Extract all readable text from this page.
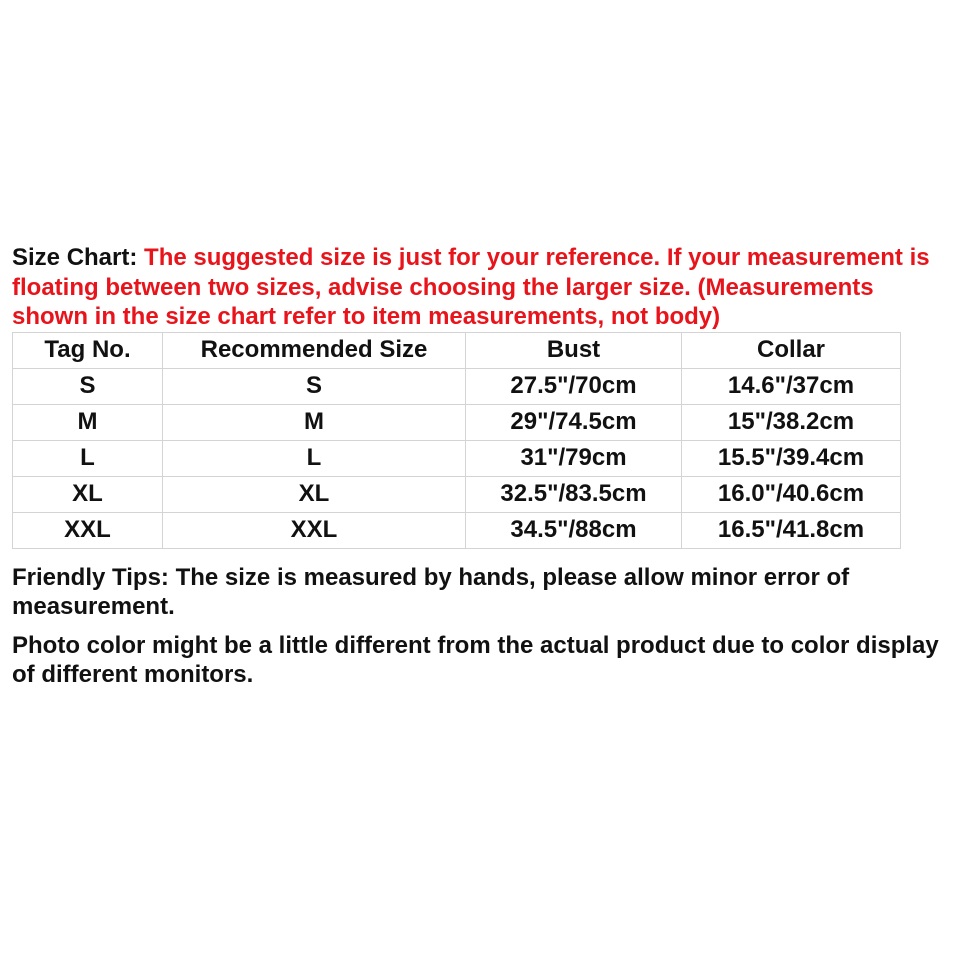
Size Chart: The suggested size is just for your reference. If your measurement is floating between two sizes, advise choosing the larger size. (Measurements shown in the size chart refer to item measurements, not body)

Tag No.	Recommended Size	Bust	Collar
S	S	27.5"/70cm	14.6"/37cm
M	M	29"/74.5cm	15"/38.2cm
L	L	31"/79cm	15.5"/39.4cm
XL	XL	32.5"/83.5cm	16.0"/40.6cm
XXL	XXL	34.5"/88cm	16.5"/41.8cm

Friendly Tips: The size is measured by hands, please allow minor error of measurement.

Photo color might be a little different from the actual product due to color display of different monitors.
